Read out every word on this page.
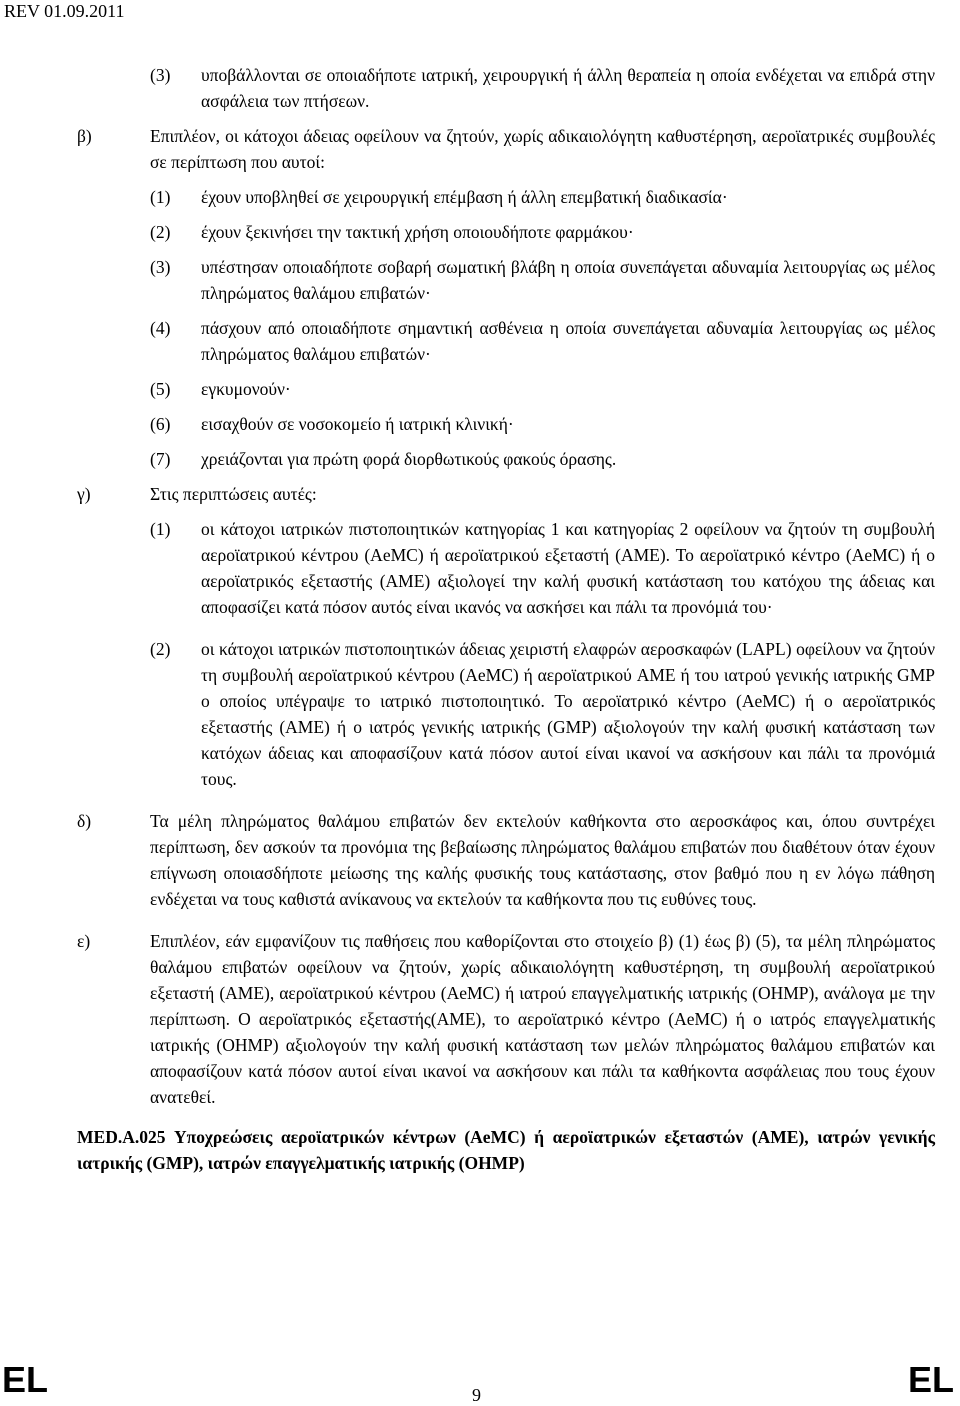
REV 01.09.2011
(3) υποβάλλονται σε οποιαδήποτε ιατρική, χειρουργική ή άλλη θεραπεία η οποία ενδέχεται να επιδρά στην ασφάλεια των πτήσεων.
β)	Επιπλέον, οι κάτοχοι άδειας οφείλουν να ζητούν, χωρίς αδικαιολόγητη καθυστέρηση, αεροϊατρικές συμβουλές σε περίπτωση που αυτοί:
(1) έχουν υποβληθεί σε χειρουργική επέμβαση ή άλλη επεμβατική διαδικασία·
(2) έχουν ξεκινήσει την τακτική χρήση οποιουδήποτε φαρμάκου·
(3) υπέστησαν οποιαδήποτε σοβαρή σωματική βλάβη η οποία συνεπάγεται αδυναμία λειτουργίας ως μέλος πληρώματος θαλάμου επιβατών·
(4) πάσχουν από οποιαδήποτε σημαντική ασθένεια η οποία συνεπάγεται αδυναμία λειτουργίας ως μέλος πληρώματος θαλάμου επιβατών·
(5) εγκυμονούν·
(6) εισαχθούν σε νοσοκομείο ή ιατρική κλινική·
(7) χρειάζονται για πρώτη φορά διορθωτικούς φακούς όρασης.
γ)	Στις περιπτώσεις αυτές:
(1) οι κάτοχοι ιατρικών πιστοποιητικών κατηγορίας 1 και κατηγορίας 2 οφείλουν να ζητούν τη συμβουλή αεροϊατρικού κέντρου (AeMC) ή αεροϊατρικού εξεταστή (AME). Το αεροϊατρικό κέντρο (AeMC) ή ο αεροϊατρικός εξεταστής (AME) αξιολογεί την καλή φυσική κατάσταση του κατόχου της άδειας και αποφασίζει κατά πόσον αυτός είναι ικανός να ασκήσει και πάλι τα προνόμιά του·
(2) οι κάτοχοι ιατρικών πιστοποιητικών άδειας χειριστή ελαφρών αεροσκαφών (LAPL) οφείλουν να ζητούν τη συμβουλή αεροϊατρικού κέντρου (AeMC) ή αεροϊατρικού AME ή του ιατρού γενικής ιατρικής GMP ο οποίος υπέγραψε το ιατρικό πιστοποιητικό. Το αεροϊατρικό κέντρο (AeMC) ή ο αεροϊατρικός εξεταστής (AME) ή ο ιατρός γενικής ιατρικής (GMP) αξιολογούν την καλή φυσική κατάσταση των κατόχων άδειας και αποφασίζουν κατά πόσον αυτοί είναι ικανοί να ασκήσουν και πάλι τα προνόμιά τους.
δ)	Τα μέλη πληρώματος θαλάμου επιβατών δεν εκτελούν καθήκοντα στο αεροσκάφος και, όπου συντρέχει περίπτωση, δεν ασκούν τα προνόμια της βεβαίωσης πληρώματος θαλάμου επιβατών που διαθέτουν όταν έχουν επίγνωση οποιασδήποτε μείωσης της καλής φυσικής τους κατάστασης, στον βαθμό που η εν λόγω πάθηση ενδέχεται να τους καθιστά ανίκανους να εκτελούν τα καθήκοντα που τις ευθύνες τους.
ε)	Επιπλέον, εάν εμφανίζουν τις παθήσεις που καθορίζονται στο στοιχείο β) (1) έως β) (5), τα μέλη πληρώματος θαλάμου επιβατών οφείλουν να ζητούν, χωρίς αδικαιολόγητη καθυστέρηση, τη συμβουλή αεροϊατρικού εξεταστή (AME), αεροϊατρικού κέντρου (AeMC) ή ιατρού επαγγελματικής ιατρικής (OHMP), ανάλογα με την περίπτωση. Ο αεροϊατρικός εξεταστής(AME), το αεροϊατρικό κέντρο (AeMC) ή ο ιατρός επαγγελματικής ιατρικής (OHMP) αξιολογούν την καλή φυσική κατάσταση των μελών πληρώματος θαλάμου επιβατών και αποφασίζουν κατά πόσον αυτοί είναι ικανοί να ασκήσουν και πάλι τα καθήκοντα ασφάλειας που τους έχουν ανατεθεί.
MED.A.025 Υποχρεώσεις αεροϊατρικών κέντρων (AeMC) ή αεροϊατρικών εξεταστών (AME), ιατρών γενικής ιατρικής (GMP), ιατρών επαγγελματικής ιατρικής (OHMP)
EL	9	EL
